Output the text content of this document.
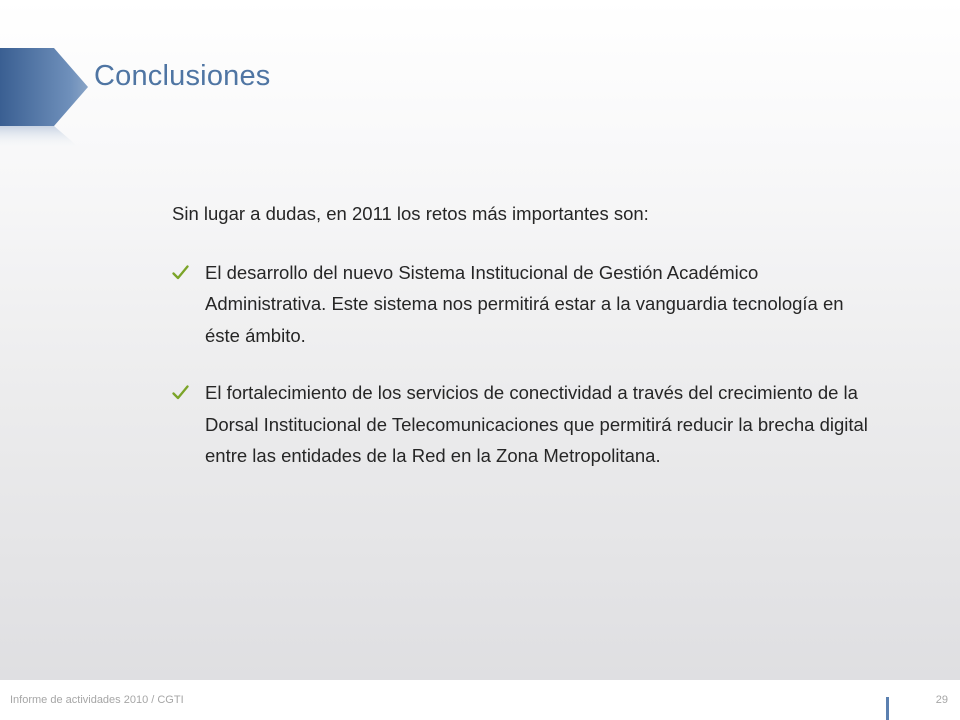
Conclusiones

Sin lugar a dudas, en 2011 los retos más importantes son:

El desarrollo del nuevo Sistema Institucional de Gestión Académico Administrativa. Este sistema nos permitirá estar a la vanguardia tecnología en éste ámbito.
El fortalecimiento de los servicios de conectividad a través del crecimiento de la Dorsal Institucional de Telecomunicaciones que permitirá reducir la brecha digital entre las entidades de la Red en la Zona Metropolitana.
Informe de actividades 2010 / CGTI	29
